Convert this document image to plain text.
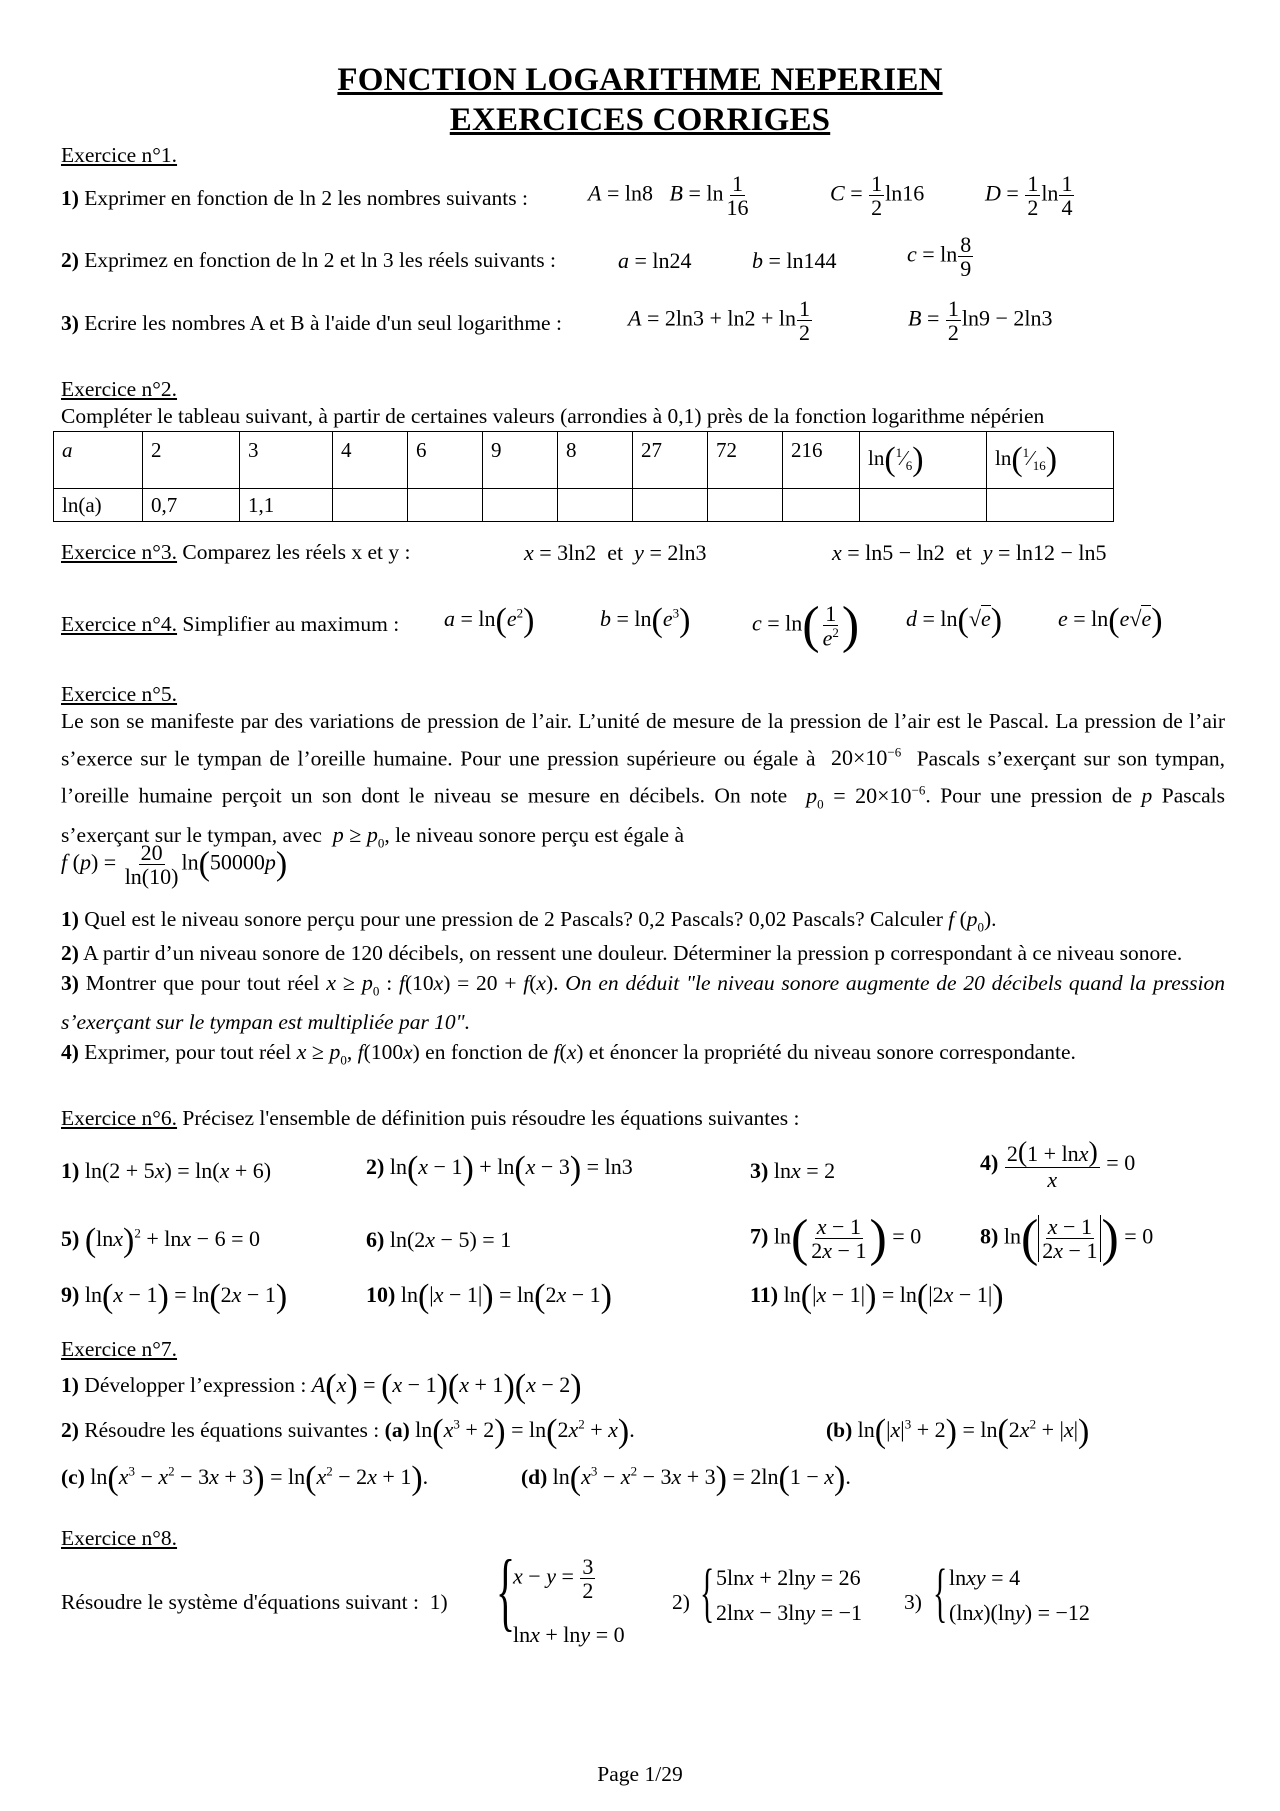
FONCTION LOGARITHME NEPERIEN
EXERCICES CORRIGES
Exercice n°1.
1) Exprimer en fonction de ln 2 les nombres suivants :	A = ln8   $B = \ln \frac{1}{16}$	$C = \frac{1}{2} \ln 16$	$D = \frac{1}{2}$ $\ln \frac{1}{4}$
2) Exprimez en fonction de ln 2 et ln 3 les réels suivants :	a = ln24	b = ln144	$c = \ln \frac{8}{9}$
3) Ecrire les nombres A et B à l'aide d'un seul logarithme :	$A = 2\ln 3 + \ln 2 + \ln \frac{1}{2}$	$B = \frac{1}{2} \ln 9 - 2\ln 3$
Exercice n°2.
Compléter le tableau suivant, à partir de certaines valeurs (arrondies à 0,1) près de la fonction logarithme népérien
a	2	3	4	6	9	8	27	72	216	$\ln(^1⁄_6)$	$\ln(^1⁄_{16})$
ln(a)	0,7	1,1									
Exercice n°3. Comparez les réels x et y :	x = 3ln2  et  y = 2ln3	x = ln5 − ln2  et  y = ln12 − ln5
Exercice n°4. Simplifier au maximum : $a = \ln(e^2)$	$b = \ln(e^3)$	$c = \ln( \frac{1}{e^2}$ ) d = ln(√e)	e = ln(e√e)
Exercice n°5.
Le son se manifeste par des variations de pression de l’air. L’unité de mesure de la pression de l’air est le Pascal. La pression de l’air s’exerce sur le tympan de l’oreille humaine. Pour une pression supérieure ou égale à  $20\times 10^{-6}$ Pascals s’exerçant sur son tympan, l’oreille humaine perçoit un son dont le niveau se mesure en décibels. On note $p_0 = 20\times 10^{-6}$. Pour une pression de p Pascals s’exerçant sur le tympan, avec $p \ge p_0$, le niveau sonore perçu est égale à
f $(p) = \frac{20}{\ln(10)} \ln(50000p)$
1) Quel est le niveau sonore perçu pour une pression de 2 Pascals? 0,2 Pascals? 0,02 Pascals? Calculer f $(p_0)$.
2) A partir d’un niveau sonore de 120 décibels, on ressent une douleur. Déterminer la pression p correspondant à ce niveau sonore.
3) Montrer que pour tout réel $x \ge p_0$ : f(10x) = 20 + f(x). On en déduit "le niveau sonore augmente de 20 décibels quand la pression s’exerçant sur le tympan est multipliée par 10".
4) Exprimer, pour tout réel $x \ge p_0$, f(100x) en fonction de f(x) et énoncer la propriété du niveau sonore correspondante.
Exercice n°6. Précisez l'ensemble de définition puis résoudre les équations suivantes :
1) ln(2 + 5x) = ln(x + 6)	2) ln(x − 1) + ln(x − 3) = ln3	3) lnx = 2	$4) \frac{2(1 + \ln x)}{x} = 0$
5) $(\ln x)^2 + \ln x - 6 = 0$	6) ln(2x − 5) = 1	7) $\ln( \frac{x - 1}{2x - 1}$ ) = 0	8) $\ln( \frac{x - 1}{2x - 1}$ ) = 0
9) ln(x − 1) = ln(2x − 1)	10) ln(|x − 1|) = ln(2x − 1)	11) ln(|x − 1|) = ln(|2x − 1|)
Exercice n°7.
1) Développer l’expression : A(x) = (x − 1)(x + 1)(x − 2)
2) Résoudre les équations suivantes : (a) $\ln(x^3 + 2) = \ln(2x^2 + x)$.	(b) $\ln(|x|^3 + 2) = \ln(2x^2 + |x|)$
(c) $\ln(x^3 - x^2 - 3x + 3) = \ln(x^2 - 2x + 1)$.	(d) $\ln(x^3 - x^2 - 3x + 3) = 2\ln(1 - x)$.
Exercice n°8.
Résoudre le système d'équations suivant :  1) {
$x - y = \frac{3}{2}$
lnx + lny = 0
2) { 5lnx + 2lny = 26
2lnx − 3lny = −1 3) { lnxy = 4
(lnx)(lny) = −12
Page 1/29
